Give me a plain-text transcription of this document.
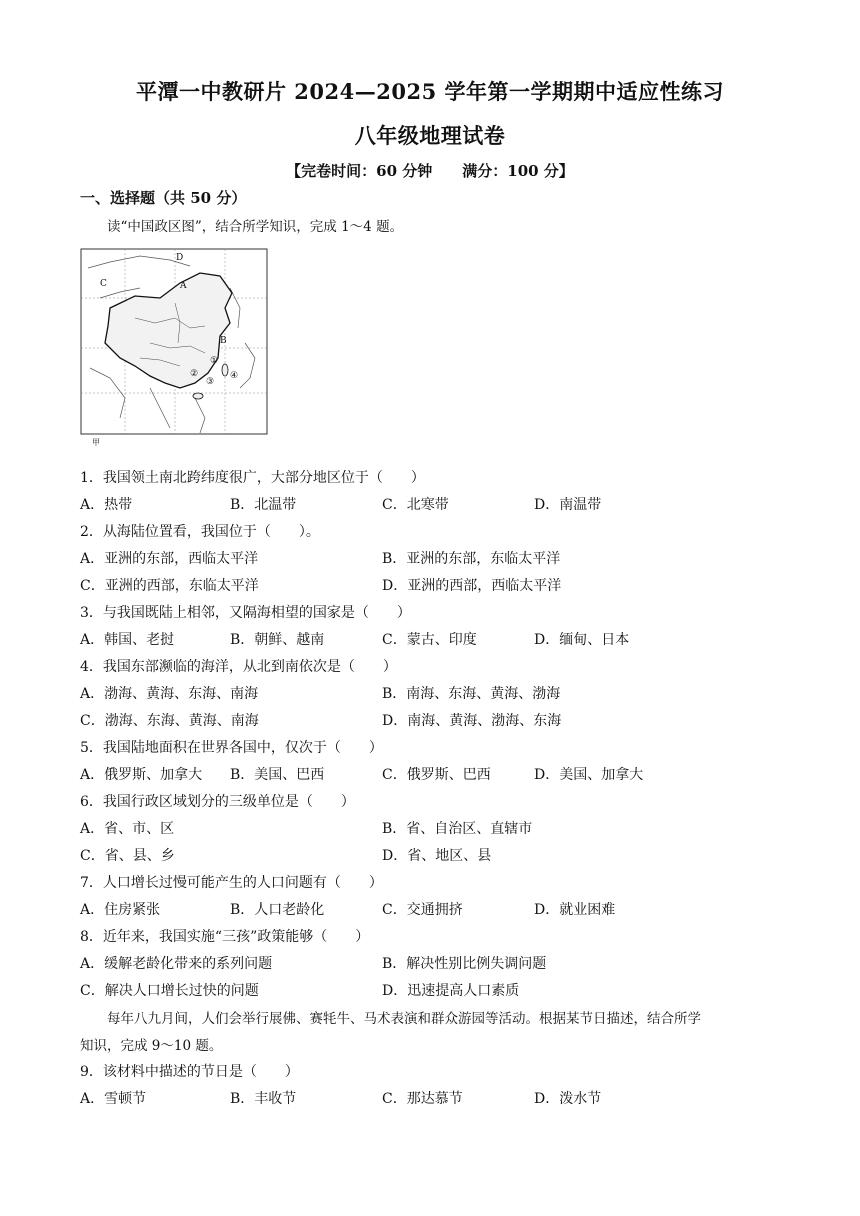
平潭一中教研片 2024—2025 学年第一学期期中适应性练习
八年级地理试卷
【完卷时间：60 分钟　　满分：100 分】
一、选择题（共 50 分）
读“中国政区图”，结合所学知识，完成 1～4 题。
D
C	A
B
①
②
③
④
甲
1．我国领土南北跨纬度很广，大部分地区位于（　　）
A．热带	B．北温带	C．北寒带	D．南温带
2．从海陆位置看，我国位于（　　）。
A．亚洲的东部，西临太平洋	B．亚洲的东部，东临太平洋
C．亚洲的西部，东临太平洋	D．亚洲的西部，西临太平洋
3．与我国既陆上相邻，又隔海相望的国家是（　　）
A．韩国、老挝	B．朝鲜、越南	C．蒙古、印度	D．缅甸、日本
4．我国东部濒临的海洋，从北到南依次是（　　）
A．渤海、黄海、东海、南海	B．南海、东海、黄海、渤海
C．渤海、东海、黄海、南海	D．南海、黄海、渤海、东海
5．我国陆地面积在世界各国中，仅次于（　　）
A．俄罗斯、加拿大 B．美国、巴西	C．俄罗斯、巴西	D．美国、加拿大
6．我国行政区域划分的三级单位是（　　）
A．省、市、区	B．省、自治区、直辖市
C．省、县、乡	D．省、地区、县
7．人口增长过慢可能产生的人口问题有（　　）
A．住房紧张	B．人口老龄化	C．交通拥挤	D．就业困难
8．近年来，我国实施“三孩”政策能够（　　）
A．缓解老龄化带来的系列问题	B．解决性别比例失调问题
C．解决人口增长过快的问题	D．迅速提高人口素质
每年八九月间，人们会举行展佛、赛牦牛、马术表演和群众游园等活动。根据某节日描述，结合所学
知识，完成 9～10 题。
9．该材料中描述的节日是（　　）
A．雪顿节	B．丰收节	C．那达慕节	D．泼水节
